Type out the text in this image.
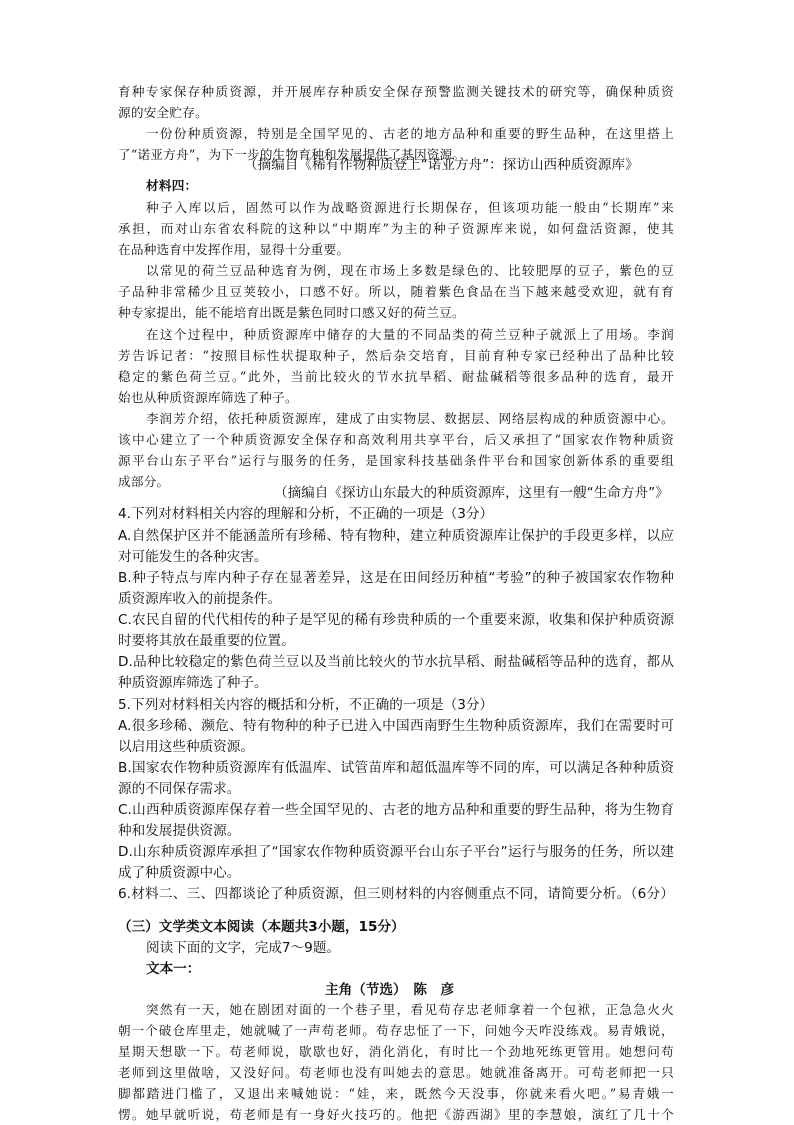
育种专家保存种质资源，并开展库存种质安全保存预警监测关键技术的研究等，确保种质资
源的安全贮存。
一份份种质资源，特别是全国罕见的、古老的地方品种和重要的野生品种，在这里搭上
了“诺亚方舟”，为下一步的生物育种和发展提供了基因资源。
（摘编自《稀有作物种质登上“诺亚方舟”：探访山西种质资源库》
材料四：
种子入库以后，固然可以作为战略资源进行长期保存，但该项功能一般由“长期库”来
承担，而对山东省农科院的这种以“中期库”为主的种子资源库来说，如何盘活资源，使其
在品种选育中发挥作用，显得十分重要。
以常见的荷兰豆品种选育为例，现在市场上多数是绿色的、比较肥厚的豆子，紫色的豆
子品种非常稀少且豆荚较小，口感不好。所以，随着紫色食品在当下越来越受欢迎，就有育
种专家提出，能不能培育出既是紫色同时口感又好的荷兰豆。
在这个过程中，种质资源库中储存的大量的不同品类的荷兰豆种子就派上了用场。李润
芳告诉记者：“按照目标性状提取种子，然后杂交培育，目前育种专家已经种出了品种比较
稳定的紫色荷兰豆。”此外，当前比较火的节水抗旱稻、耐盐碱稻等很多品种的选育，最开
始也从种质资源库筛选了种子。
李润芳介绍，依托种质资源库，建成了由实物层、数据层、网络层构成的种质资源中心。
该中心建立了一个种质资源安全保存和高效利用共享平台，后又承担了“国家农作物种质资
源平台山东子平台”运行与服务的任务，是国家科技基础条件平台和国家创新体系的重要组
成部分。
（摘编自《探访山东最大的种质资源库，这里有一艘“生命方舟”》
4.下列对材料相关内容的理解和分析，不正确的一项是（3分）
A.自然保护区并不能涵盖所有珍稀、特有物种，建立种质资源库让保护的手段更多样，以应
对可能发生的各种灾害。
B.种子特点与库内种子存在显著差异，这是在田间经历种植“考验”的种子被国家农作物种
质资源库收入的前提条件。
C.农民自留的代代相传的种子是罕见的稀有珍贵种质的一个重要来源，收集和保护种质资源
时要将其放在最重要的位置。
D.品种比较稳定的紫色荷兰豆以及当前比较火的节水抗旱稻、耐盐碱稻等品种的选育，都从
种质资源库筛选了种子。
5.下列对材料相关内容的概括和分析，不正确的一项是（3分）
A.很多珍稀、濒危、特有物种的种子已进入中国西南野生生物种质资源库，我们在需要时可
以启用这些种质资源。
B.国家农作物种质资源库有低温库、试管苗库和超低温库等不同的库，可以满足各种种质资
源的不同保存需求。
C.山西种质资源库保存着一些全国罕见的、古老的地方品种和重要的野生品种，将为生物育
种和发展提供资源。
D.山东种质资源库承担了“国家农作物种质资源平台山东子平台”运行与服务的任务，所以建
成了种质资源中心。
6.材料二、三、四都谈论了种质资源，但三则材料的内容侧重点不同，请简要分析。（6分）
（三）文学类文本阅读（本题共3小题，15分）
阅读下面的文字，完成7～9题。
文本一：
主角（节选）　陈　彦
突然有一天，她在剧团对面的一个巷子里，看见苟存忠老师拿着一个包袱，正急急火火
朝一个破仓库里走，她就喊了一声苟老师。苟存忠怔了一下，问她今天咋没练戏。易青娥说，
星期天想歇一下。苟老师说，歇歇也好，消化消化，有时比一个劲地死练更管用。她想问苟
老师到这里做啥，又没好问。苟老师也没有叫她去的意思。她就准备离开。可苟老师把一只
脚都踏进门槛了，又退出来喊她说：“娃，来，既然今天没事，你就来看火吧。”易青娥一
愣。她早就听说，苟老师是有一身好火技巧的。他把《游西湖》里的李慧娘，演红了几十个
